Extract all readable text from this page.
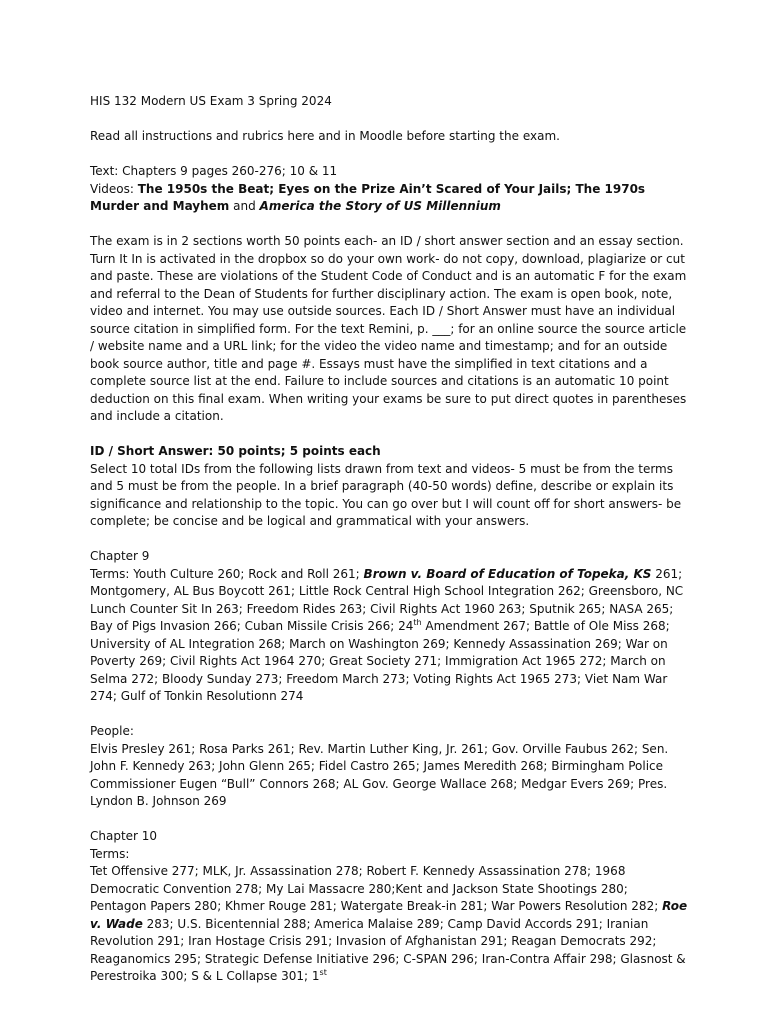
HIS 132 Modern US Exam 3 Spring 2024

Read all instructions and rubrics here and in Moodle before starting the exam.

Text: Chapters 9 pages 260-276; 10 & 11

Videos: The 1950s the Beat; Eyes on the Prize Ain’t Scared of Your Jails; The 1970s Murder and Mayhem and America the Story of US Millennium

The exam is in 2 sections worth 50 points each- an ID / short answer section and an essay section. Turn It In is activated in the dropbox so do your own work- do not copy, download, plagiarize or cut and paste. These are violations of the Student Code of Conduct and is an automatic F for the exam and referral to the Dean of Students for further disciplinary action. The exam is open book, note, video and internet. You may use outside sources. Each ID / Short Answer must have an individual source citation in simplified form. For the text Remini, p. ___; for an online source the source article / website name and a URL link; for the video the video name and timestamp; and for an outside book source author, title and page #. Essays must have the simplified in text citations and a complete source list at the end. Failure to include sources and citations is an automatic 10 point deduction on this final exam. When writing your exams be sure to put direct quotes in parentheses and include a citation.

ID / Short Answer: 50 points; 5 points each

Select 10 total IDs from the following lists drawn from text and videos- 5 must be from the terms and 5 must be from the people. In a brief paragraph (40-50 words) define, describe or explain its significance and relationship to the topic. You can go over but I will count off for short answers- be complete; be concise and be logical and grammatical with your answers.

Chapter 9

Terms: Youth Culture 260; Rock and Roll 261; Brown v. Board of Education of Topeka, KS 261; Montgomery, AL Bus Boycott 261; Little Rock Central High School Integration 262; Greensboro, NC Lunch Counter Sit In 263; Freedom Rides 263; Civil Rights Act 1960 263; Sputnik 265; NASA 265; Bay of Pigs Invasion 266; Cuban Missile Crisis 266; 24th Amendment 267; Battle of Ole Miss 268; University of AL Integration 268; March on Washington 269; Kennedy Assassination 269; War on Poverty 269; Civil Rights Act 1964 270; Great Society 271; Immigration Act 1965 272; March on Selma 272; Bloody Sunday 273; Freedom March 273; Voting Rights Act 1965 273; Viet Nam War 274; Gulf of Tonkin Resolutionn 274

People:

Elvis Presley 261; Rosa Parks 261; Rev. Martin Luther King, Jr. 261; Gov. Orville Faubus 262; Sen. John F. Kennedy 263; John Glenn 265; Fidel Castro 265; James Meredith 268; Birmingham Police Commissioner Eugen “Bull” Connors 268; AL Gov. George Wallace 268; Medgar Evers 269; Pres. Lyndon B. Johnson 269

Chapter 10

Terms:

Tet Offensive 277; MLK, Jr. Assassination 278; Robert F. Kennedy Assassination 278; 1968 Democratic Convention 278; My Lai Massacre 280;Kent and Jackson State Shootings 280; Pentagon Papers 280; Khmer Rouge 281; Watergate Break-in 281; War Powers Resolution 282; Roe v. Wade 283; U.S. Bicentennial 288; America Malaise 289; Camp David Accords 291; Iranian Revolution 291; Iran Hostage Crisis 291; Invasion of Afghanistan 291; Reagan Democrats 292; Reaganomics 295; Strategic Defense Initiative 296; C-SPAN 296; Iran-Contra Affair 298; Glasnost & Perestroika 300; S & L Collapse 301; 1st
